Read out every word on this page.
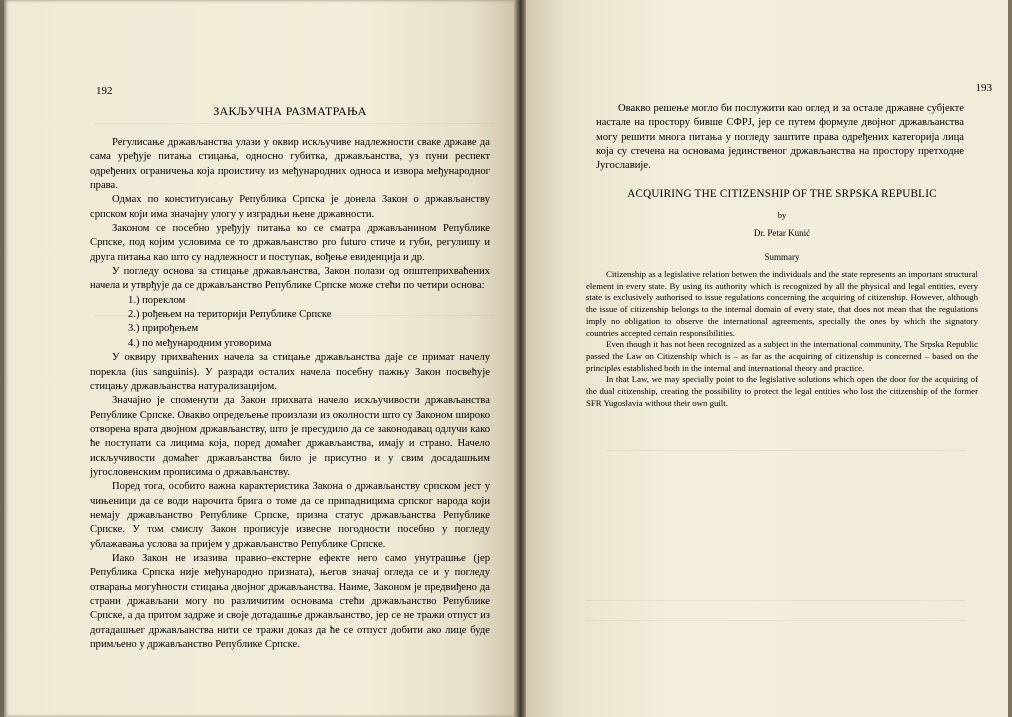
192
ЗАКЉУЧНА РАЗМАТРАЊА

Регулисање држављанства улази у оквир искључиве надлежности сваке државе да сама уређује питања стицања, односно губитка, држављанства, уз пуни респект одређених ограничења која проистичу из међународних односа и извора међународног права.

Одмах по конституисању Република Српска је донела Закон о држављанству српском који има значајну улогу у изградњи њене државности.

Законом се посебно уређују питања ко се сматра држављанином Републике Српске, под којим условима се то држављанство pro futuro стиче и губи, регулишу и друга питања као што су надлежност и поступак, вођење евиденција и др.

У погледу основа за стицање држављанства, Закон полази од општеприхваћених начела и утврђује да се држављанство Републике Српске може стећи по четири основа:

1.) пореклом

2.) рођењем на територији Републике Српске

3.) прирођењем

4.) по међународним уговорима

У оквиру прихваћених начела за стицање држављанства даје се примат начелу порекла (ius sanguinis). У разради осталих начела посебну пажњу Закон посвећује стицању држављанства натурализацијом.

Значајно је споменути да Закон прихвата начело искључивости држављанства Републике Српске. Овакво опредељење произлази из околности што су Законом широко отворена врата двојном држављанству, што је пресудило да се законодавац одлучи како ће поступати са лицима која, поред домаћег држављанства, имају и страно. Начело искључивости домаћег држављанства било је присутно и у свим досадашњим југословенским прописима о држављанству.

Поред тога, особито важна карактеристика Закона о држављанству српском јест у чињеници да се води нарочита брига о томе да се припадницима српског народа који немају држављанство Републике Српске, призна статус држављанства Републике Српске. У том смислу Закон прописује извесне погодности посебно у погледу ублажавања услова за пријем у држављанство Републике Српске.

Иако Закон не изазива правно–екстерне ефекте него само унутрашње (јер Република Српска није међународно призната), његов значај огледа се и у погледу отварања могућности стицања двојног држављанства. Наиме, Законом је предвиђено да страни држављани могу по различитим основама стећи држављанство Републике Српске, а да притом задрже и своје дотадашње држављанство, јер се не тражи отпуст из дотадашњег држављанства нити се тражи доказ да ће се отпуст добити ако лице буде примљено у држављанство Републике Српске.

193

Овакво решење могло би послужити као оглед и за остале државне субјекте настале на простору бивше СФРЈ, јер се путем формуле двојног држављанства могу решити многа питања у погледу заштите права одређених категорија лица која су стечена на основама јединственог држављанства на простору претходне Југославије.

ACQUIRING THE CITIZENSHIP OF THE SRPSKA REPUBLIC
by
Dr. Petar Kunić
Summary

Citizenship as a legislative relation betwen the individuals and the state represents an important structural element in every state. By using its authority which is recognized by all the physical and legal entities, every state is exclusively authorised to issue regulations concerning the acquiring of citizenship. However, although the issue of citizenship belongs to the internal domain of every state, that does not mean that the regulations imply no obligation to observe the international agreements, specially the ones by which the signatory countries accepted certain responsibilities.

Even though it has not been recognized as a subject in the international community, The Srpska Republic passed the Law on Citizenship which is – as far as the acquiring of citizenship is concerned – based on the principles established both in the internal and international theory and practice.

In that Law, we may specially point to the legislative solutions which open the door for the acquiring of the dual citizenship, creating the possibility to protect the legal entities who lost the citizenship of the former SFR Yugoslavia without their own guilt.
